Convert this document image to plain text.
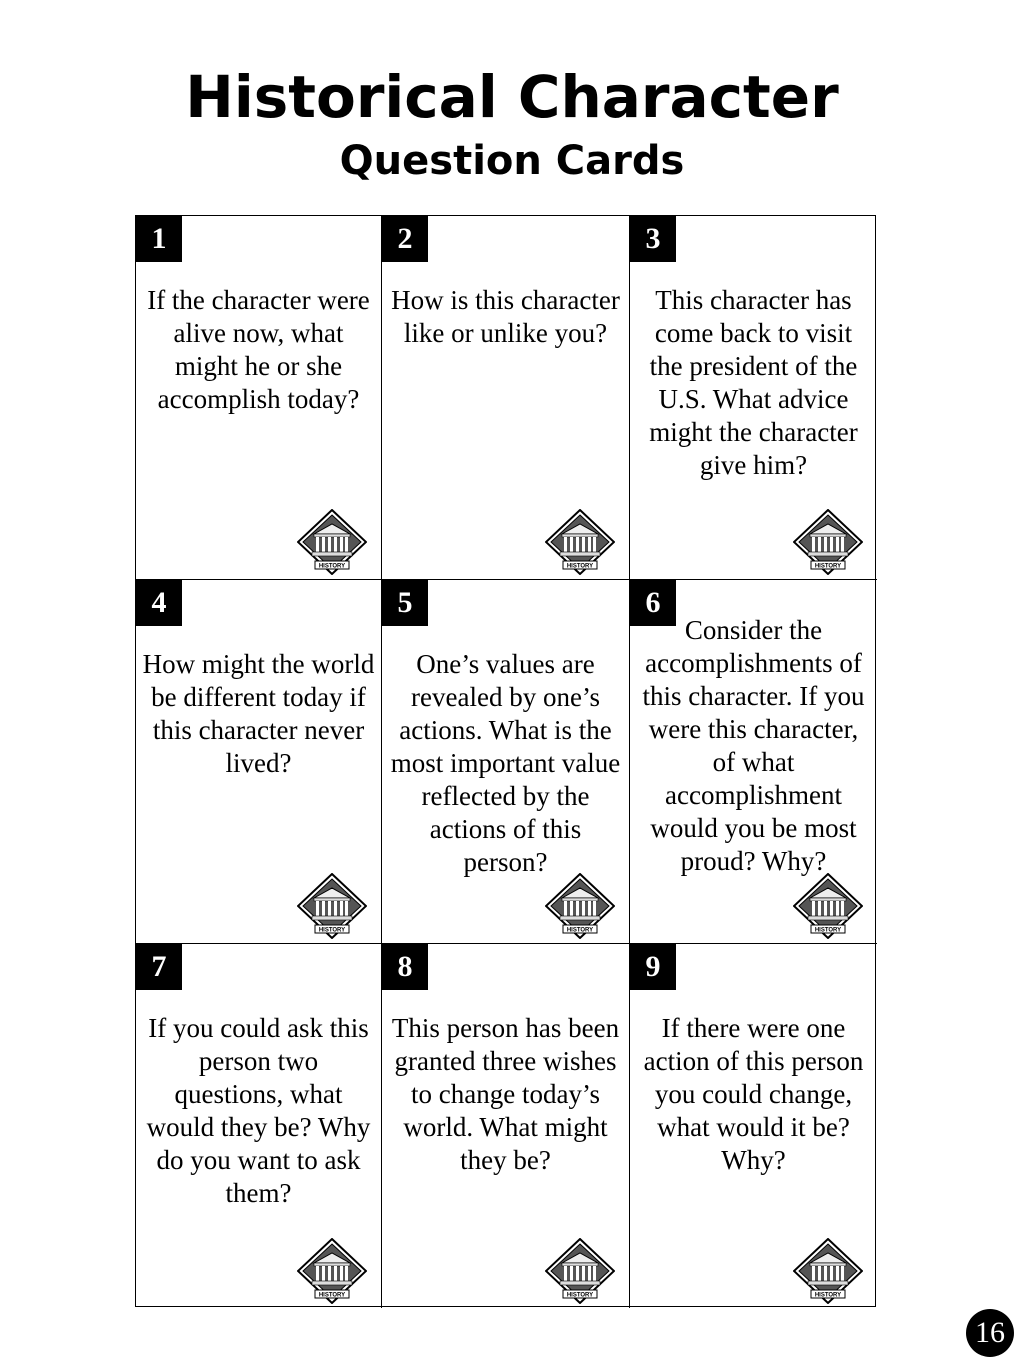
Historical Character
Question Cards
1
If the character were alive now, what might he or she accomplish today?
HISTORY
2
How is this character like or unlike you?
HISTORY
3
This character has come back to visit the president of the U.S. What advice might the character give him?
HISTORY
4
How might the world be different today if this character never lived?
HISTORY
5
One’s values are revealed by one’s actions. What is the most important value reflected by the actions of this person?
HISTORY
Consider the accomplishments of this character. If you were this character, of what accomplishment would you be most proud? Why?
6
HISTORY
7
If you could ask this person two questions, what would they be? Why do you want to ask them?
HISTORY
8
This person has been granted three wishes to change today’s world. What might they be?
HISTORY
9
If there were one action of this person you could change, what would it be? Why?
HISTORY
16
